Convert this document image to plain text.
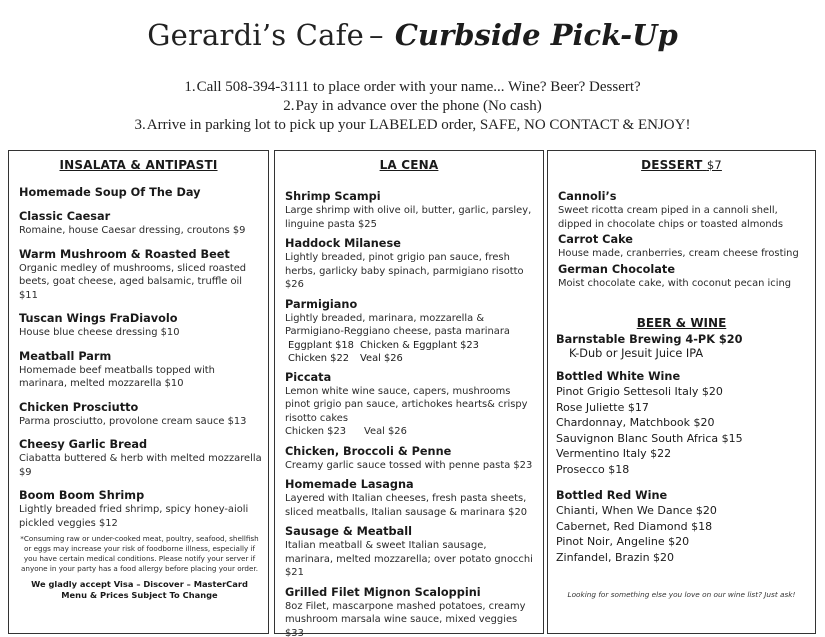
Gerardi’s Cafe – Curbside Pick-Up
1.Call 508-394-3111 to place order with your name... Wine? Beer? Dessert?
2.Pay in advance over the phone (No cash)
3.Arrive in parking lot to pick up your LABELED order, SAFE, NO CONTACT & ENJOY!
INSALATA & ANTIPASTI
Homemade Soup Of The Day
Classic Caesar
Romaine, house Caesar dressing, croutons $9
Warm Mushroom & Roasted Beet
Organic medley of mushrooms, sliced roasted beets, goat cheese, aged balsamic, truffle oil $11
Tuscan Wings FraDiavolo
House blue cheese dressing $10
Meatball Parm
Homemade beef meatballs topped with marinara, melted mozzarella $10
Chicken Prosciutto
Parma prosciutto, provolone cream sauce $13
Cheesy Garlic Bread
Ciabatta buttered & herb with melted mozzarella $9
Boom Boom Shrimp
Lightly breaded fried shrimp, spicy honey-aioli pickled veggies $12
*Consuming raw or under-cooked meat, poultry, seafood, shellfish or eggs may increase your risk of foodborne illness, especially if you have certain medical conditions. Please notify your server if anyone in your party has a food allergy before placing your order.
We gladly accept Visa – Discover – MasterCard
Menu & Prices Subject To Change
LA CENA
Shrimp Scampi
Large shrimp with olive oil, butter, garlic, parsley, linguine pasta $25
Haddock Milanese
Lightly breaded, pinot grigio pan sauce, fresh herbs, garlicky baby spinach, parmigiano risotto $26
Parmigiano
Lightly breaded, marinara, mozzarella & Parmigiano-Reggiano cheese, pasta marinara
Eggplant $18 Chicken & Eggplant $23
Chicken $22	Veal $26
Piccata
Lemon white wine sauce, capers, mushrooms pinot grigio pan sauce, artichokes hearts& crispy risotto cakes
Chicken $23 Veal $26
Chicken, Broccoli & Penne
Creamy garlic sauce tossed with penne pasta $23
Homemade Lasagna
Layered with Italian cheeses, fresh pasta sheets, sliced meatballs, Italian sausage & marinara $20
Sausage & Meatball
Italian meatball & sweet Italian sausage, marinara, melted mozzarella; over potato gnocchi $21
Grilled Filet Mignon Scaloppini
8oz Filet, mascarpone mashed potatoes, creamy mushroom marsala wine sauce, mixed veggies $33
DESSERT $7
Cannoli’s
Sweet ricotta cream piped in a cannoli shell, dipped in chocolate chips or toasted almonds
Carrot Cake
House made, cranberries, cream cheese frosting
German Chocolate
Moist chocolate cake, with coconut pecan icing
BEER & WINE
Barnstable Brewing 4-PK $20
K-Dub or Jesuit Juice IPA
Bottled White Wine
Pinot Grigio Settesoli Italy $20
Rose Juliette $17
Chardonnay, Matchbook $20
Sauvignon Blanc South Africa $15
Vermentino Italy $22
Prosecco $18
Bottled Red Wine
Chianti, When We Dance $20
Cabernet, Red Diamond $18
Pinot Noir, Angeline $20
Zinfandel, Brazin $20
Looking for something else you love on our wine list? Just ask!
